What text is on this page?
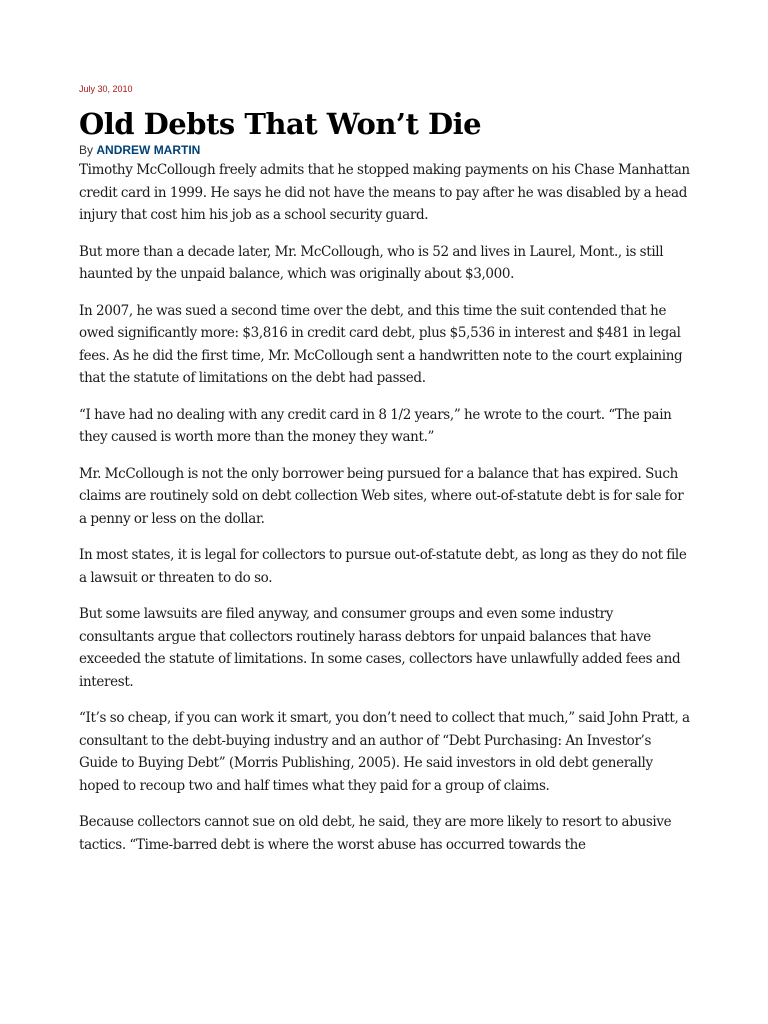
July 30, 2010
Old Debts That Won’t Die
By ANDREW MARTIN

Timothy McCollough freely admits that he stopped making payments on his Chase Manhattan credit card in 1999. He says he did not have the means to pay after he was disabled by a head injury that cost him his job as a school security guard.

But more than a decade later, Mr. McCollough, who is 52 and lives in Laurel, Mont., is still haunted by the unpaid balance, which was originally about $3,000.

In 2007, he was sued a second time over the debt, and this time the suit contended that he owed significantly more: $3,816 in credit card debt, plus $5,536 in interest and $481 in legal fees. As he did the first time, Mr. McCollough sent a handwritten note to the court explaining that the statute of limitations on the debt had passed.

“I have had no dealing with any credit card in 8 1/2 years,” he wrote to the court. “The pain they caused is worth more than the money they want.”

Mr. McCollough is not the only borrower being pursued for a balance that has expired. Such claims are routinely sold on debt collection Web sites, where out-of-statute debt is for sale for a penny or less on the dollar.

In most states, it is legal for collectors to pursue out-of-statute debt, as long as they do not file a lawsuit or threaten to do so.

But some lawsuits are filed anyway, and consumer groups and even some industry consultants argue that collectors routinely harass debtors for unpaid balances that have exceeded the statute of limitations. In some cases, collectors have unlawfully added fees and interest.

“It’s so cheap, if you can work it smart, you don’t need to collect that much,” said John Pratt, a consultant to the debt-buying industry and an author of “Debt Purchasing: An Investor’s Guide to Buying Debt” (Morris Publishing, 2005). He said investors in old debt generally hoped to recoup two and half times what they paid for a group of claims.

Because collectors cannot sue on old debt, he said, they are more likely to resort to abusive tactics. “Time-barred debt is where the worst abuse has occurred towards the
